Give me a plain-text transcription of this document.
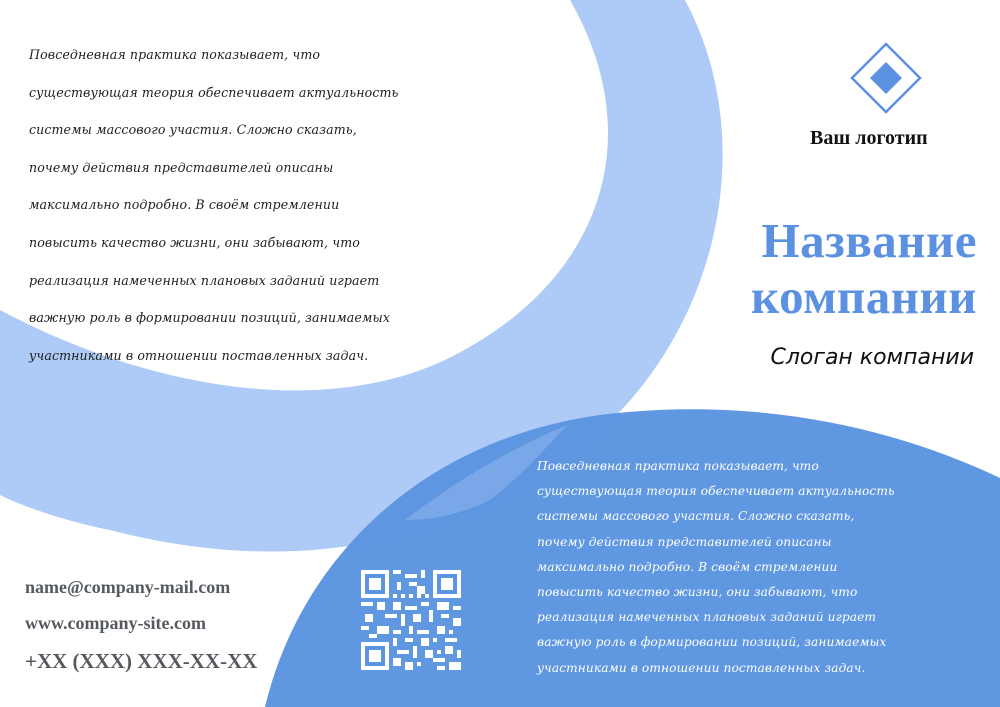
Повседневная практика показывает, что
существующая теория обеспечивает актуальность
системы массового участия. Сложно сказать,
почему действия представителей описаны
максимально подробно. В своём стремлении
повысить качество жизни, они забывают, что
реализация намеченных плановых заданий играет
важную роль в формировании позиций, занимаемых
участниками в отношении поставленных задач.
Повседневная практика показывает, что
существующая теория обеспечивает актуальность
системы массового участия. Сложно сказать,
почему действия представителей описаны
максимально подробно. В своём стремлении
повысить качество жизни, они забывают, что
реализация намеченных плановых заданий играет
важную роль в формировании позиций, занимаемых
участниками в отношении поставленных задач.
name@company-mail.com
www.company-site.com
+XX (XXX) XXX-XX-XX
Ваш логотип
Название
компании
Слоган компании
